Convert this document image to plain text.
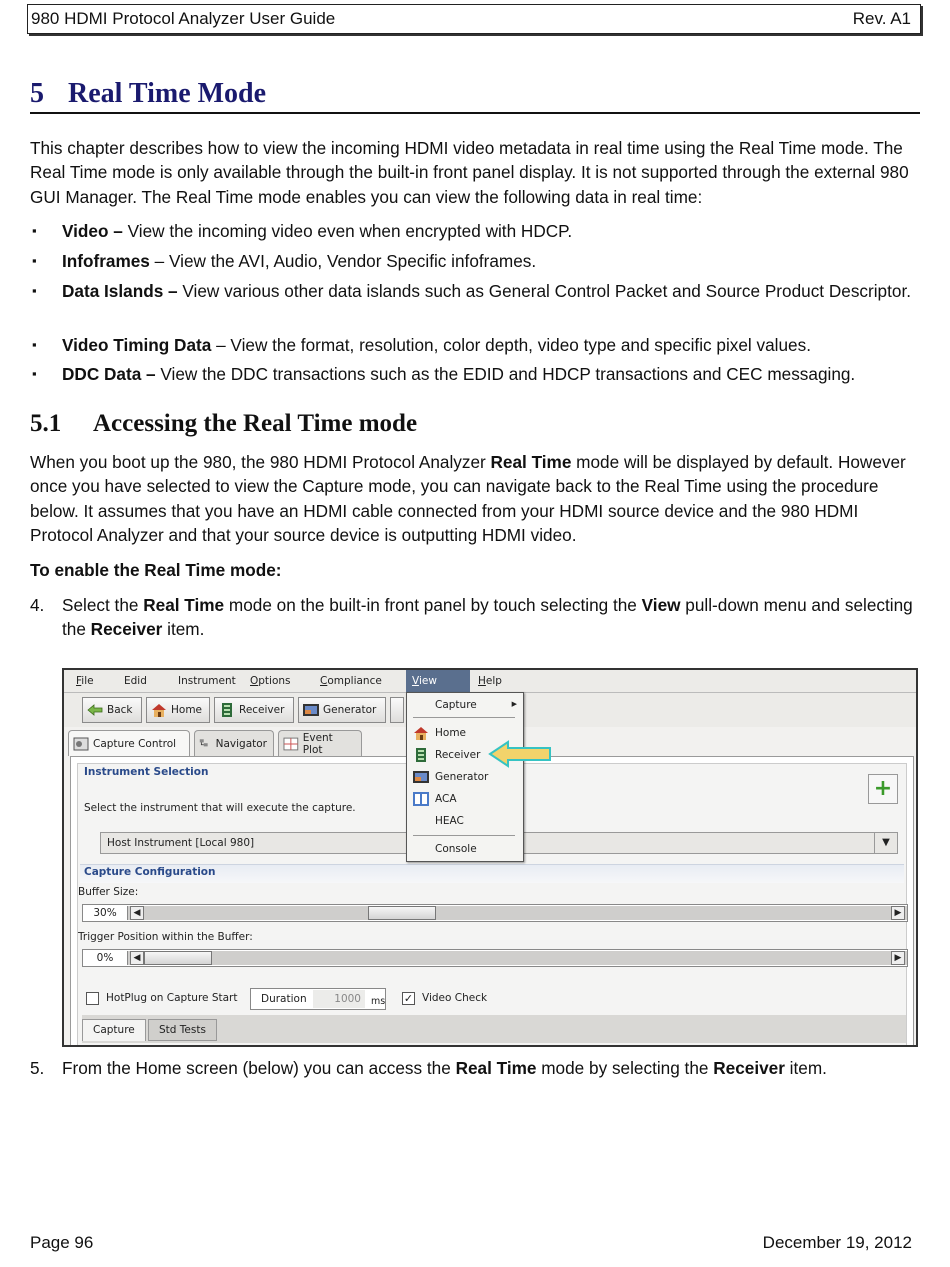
980 HDMI Protocol Analyzer User Guide	Rev. A1
5 Real Time Mode

This chapter describes how to view the incoming HDMI video metadata in real time using the Real Time mode. The Real Time mode is only available through the built-in front panel display. It is not supported through the external 980 GUI Manager. The Real Time mode enables you can view the following data in real time:

▪ Video – View the incoming video even when encrypted with HDCP.
▪ Infoframes – View the AVI, Audio, Vendor Specific infoframes.
▪ Data Islands – View various other data islands such as General Control Packet and Source Product Descriptor.
▪ Video Timing Data – View the format, resolution, color depth, video type and specific pixel values.
▪ DDC Data – View the DDC transactions such as the EDID and HDCP transactions and CEC messaging.
5.1 Accessing the Real Time mode

When you boot up the 980, the 980 HDMI Protocol Analyzer Real Time mode will be displayed by default. However once you have selected to view the Capture mode, you can navigate back to the Real Time using the procedure below. It assumes that you have an HDMI cable connected from your HDMI source device and the 980 HDMI Protocol Analyzer and that your source device is outputting HDMI video.

To enable the Real Time mode:

4. Select the Real Time mode on the built-in front panel by touch selecting the View pull-down menu and selecting the Receiver item.
File	Edid	Instrument Options	Compliance	View	Help
Back	Home	Receiver	Generator
Capture Control	Navigator	Event Plot
Instrument Selection
+
Select the instrument that will execute the capture.
Host Instrument [Local 980]	▼
Capture Configuration
Buffer Size:
30%	◀	▶
Trigger Position within the Buffer:
0%	◀	▶
HotPlug on Capture Start Duration	1000	ms ✓ Video Check
Capture	Std Tests
Capture	▶
Home
Receiver
Generator
ACA
HEAC
Console
5. From the Home screen (below) you can access the Real Time mode by selecting the Receiver item.
Page 96	December 19, 2012
